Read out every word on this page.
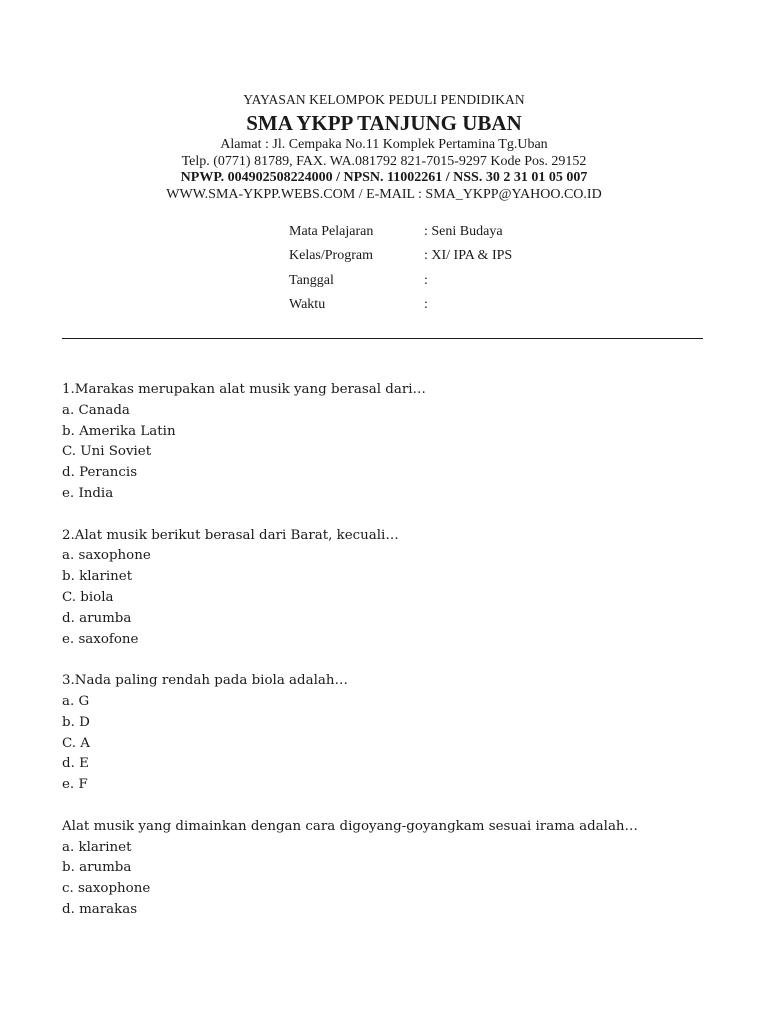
YAYASAN KELOMPOK PEDULI PENDIDIKAN
SMA YKPP TANJUNG UBAN
Alamat : Jl. Cempaka No.11 Komplek Pertamina Tg.Uban
Telp. (0771) 81789, FAX. WA.081792 821-7015-9297 Kode Pos. 29152
NPWP. 004902508224000 / NPSN. 11002261 / NSS. 30 2 31 01 05 007
WWW.SMA-YKPP.WEBS.COM / E-MAIL : SMA_YKPP@YAHOO.CO.ID
Mata Pelajaran	: Seni Budaya
Kelas/Program	: XI/ IPA & IPS
Tanggal	:
Waktu	:
1.Marakas merupakan alat musik yang berasal dari…
a. Canada
b. Amerika Latin
C. Uni Soviet
d. Perancis
e. India
2.Alat musik berikut berasal dari Barat, kecuali…
a. saxophone
b. klarinet
C. biola
d. arumba
e. saxofone
3.Nada paling rendah pada biola adalah…
a. G
b. D
C. A
d. E
e. F
Alat musik yang dimainkan dengan cara digoyang-goyangkam sesuai irama adalah…
a. klarinet
b. arumba
c. saxophone
d. marakas
